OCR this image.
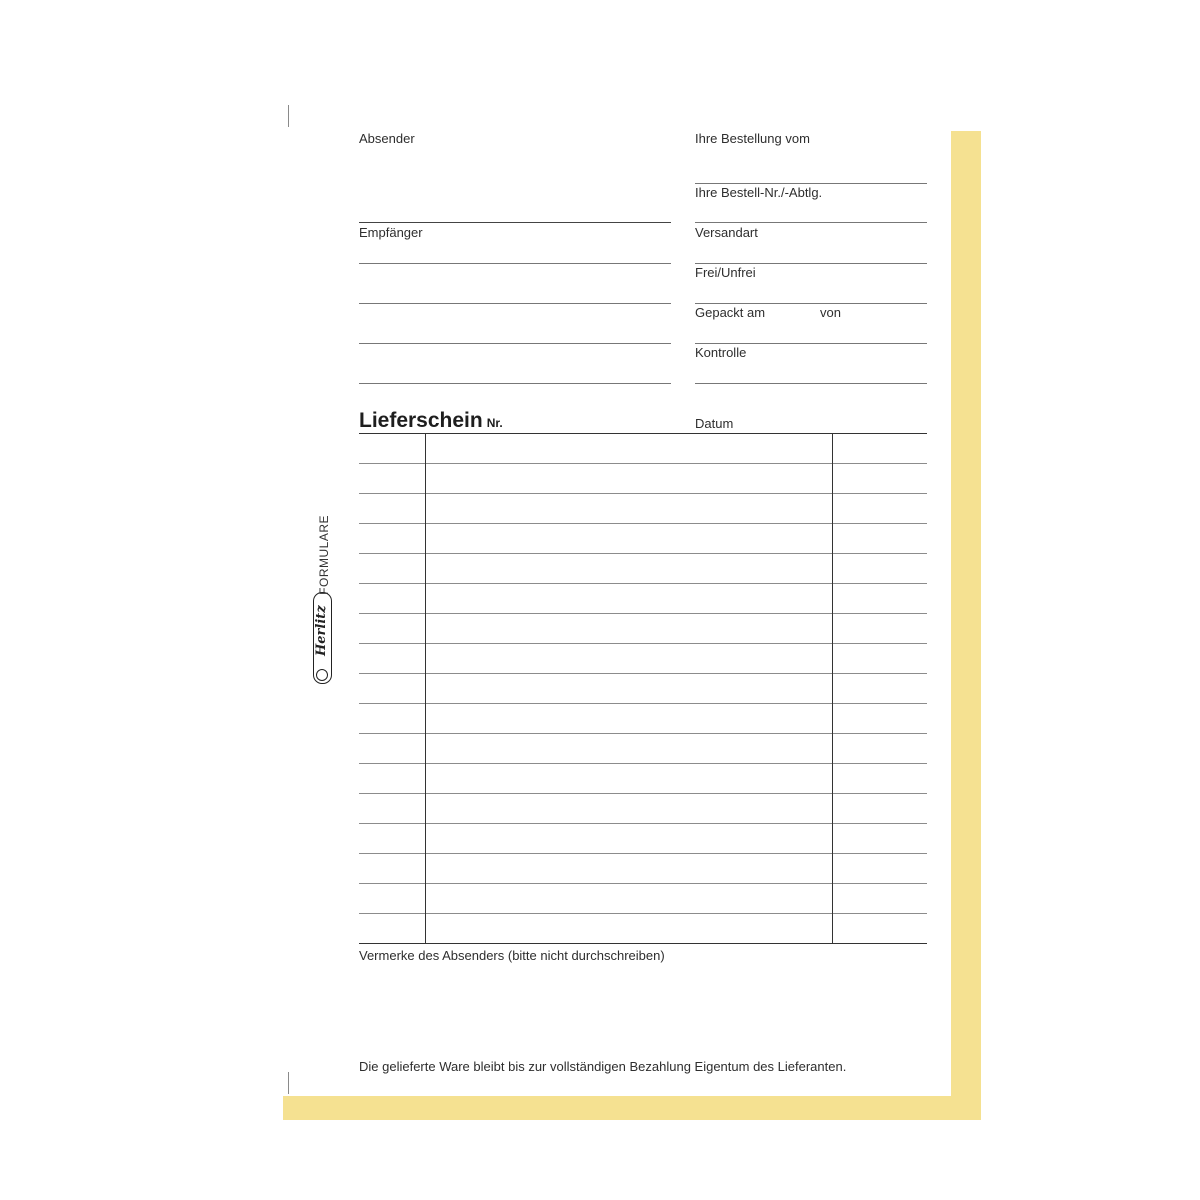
Absender
Empfänger
Ihre Bestellung vom
Ihre Bestell-Nr./-Abtlg.
Versandart
Frei/Unfrei
Gepackt am	von
Kontrolle
Lieferschein Nr.	Datum
Vermerke des Absenders (bitte nicht durchschreiben)
Die gelieferte Ware bleibt bis zur vollständigen Bezahlung Eigentum des Lieferanten.
Herlitz
FORMULARE
